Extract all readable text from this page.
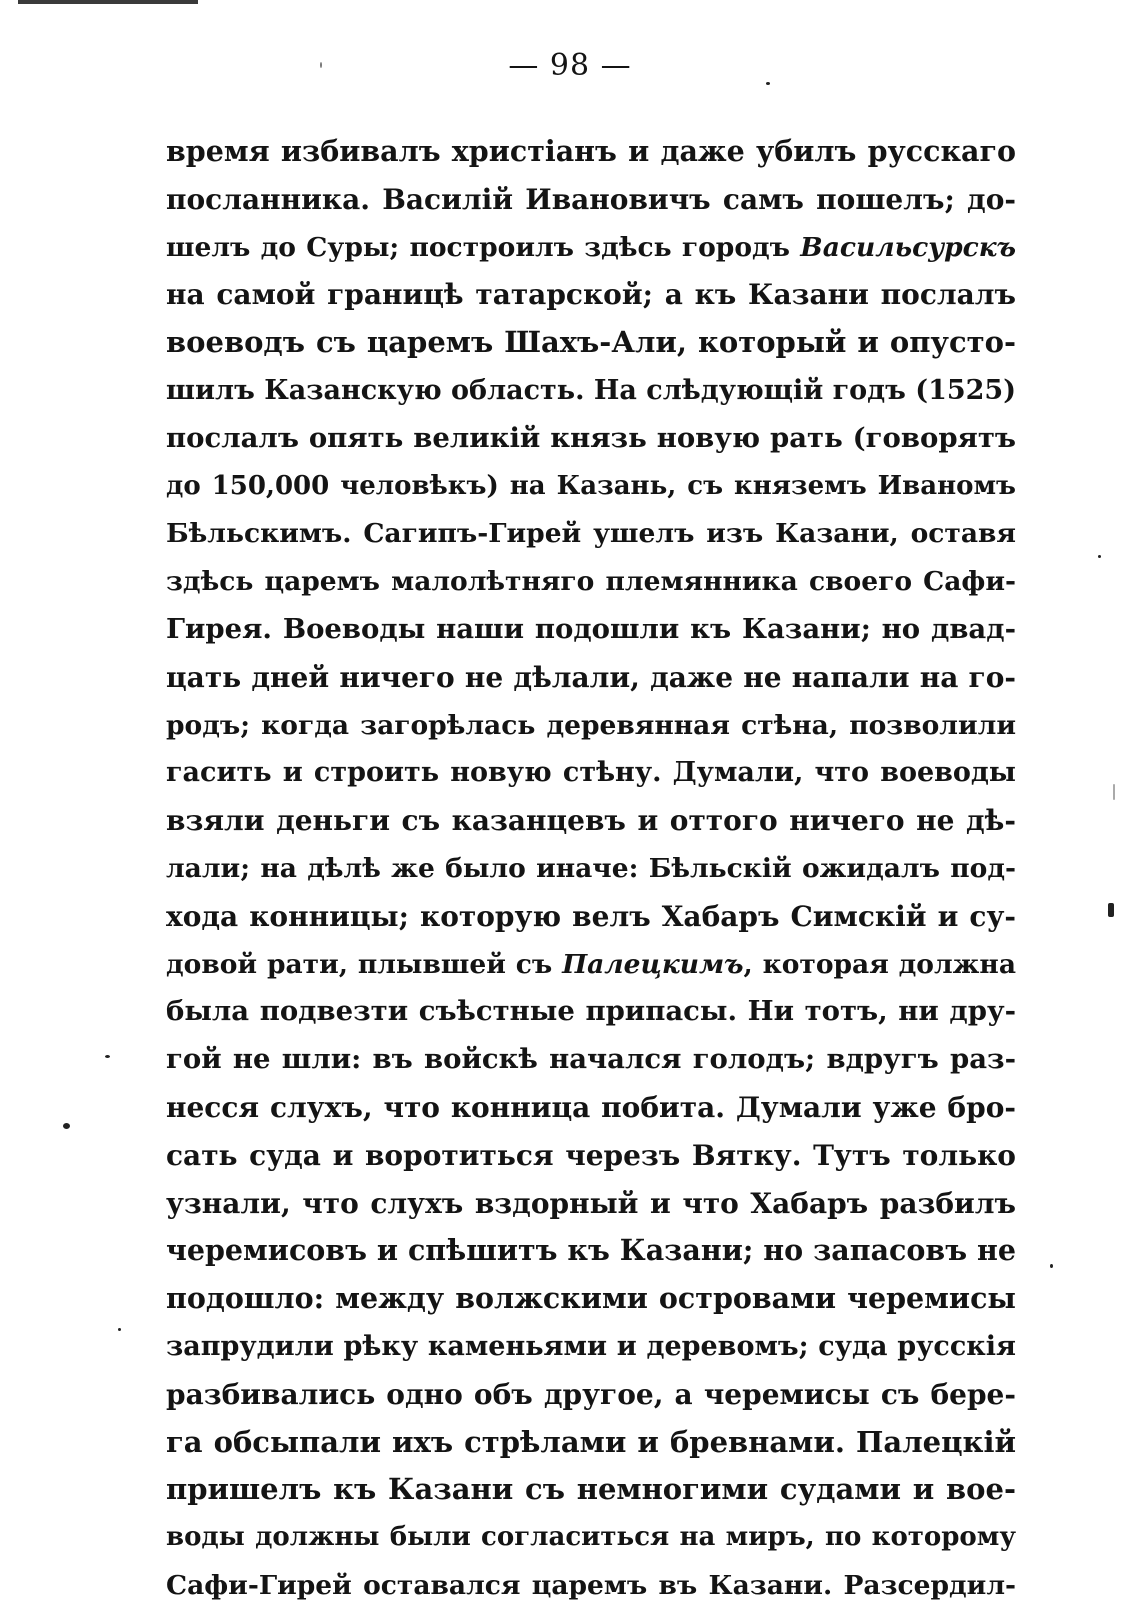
— 98 —
время избивалъ христіанъ и даже убилъ русскаго
посланника. Василій Ивановичъ самъ пошелъ; до-
шелъ до Суры; построилъ здѣсь городъ Васильсурскъ
на самой границѣ татарской; а къ Казани послалъ
воеводъ съ царемъ Шахъ-Али, который и опусто-
шилъ Казанскую область. На слѣдующій годъ (1525)
послалъ опять великій князь новую рать (говорятъ
до 150,000 человѣкъ) на Казань, съ княземъ Иваномъ
Бѣльскимъ. Сагипъ-Гирей ушелъ изъ Казани, оставя
здѣсь царемъ малолѣтняго племянника своего Сафи-
Гирея. Воеводы наши подошли къ Казани; но двад-
цать дней ничего не дѣлали, даже не напали на го-
родъ; когда загорѣлась деревянная стѣна, позволили
гасить и строить новую стѣну. Думали, что воеводы
взяли деньги съ казанцевъ и оттого ничего не дѣ-
лали; на дѣлѣ же было иначе: Бѣльскій ожидалъ под-
хода конницы; которую велъ Хабаръ Симскій и су-
довой рати, плывшей съ Палецкимъ, которая должна
была подвезти съѣстные припасы. Ни тотъ, ни дру-
гой не шли: въ войскѣ начался голодъ; вдругъ раз-
несся слухъ, что конница побита. Думали уже бро-
сать суда и воротиться черезъ Вятку. Тутъ только
узнали, что слухъ вздорный и что Хабаръ разбилъ
черемисовъ и спѣшитъ къ Казани; но запасовъ не
подошло: между волжскими островами черемисы
запрудили рѣку каменьями и деревомъ; суда русскія
разбивались одно объ другое, а черемисы съ бере-
га обсыпали ихъ стрѣлами и бревнами. Палецкій
пришелъ къ Казани съ немногими судами и вое-
воды должны были согласиться на миръ, по которому
Сафи-Гирей оставался царемъ въ Казани. Разсердил-
